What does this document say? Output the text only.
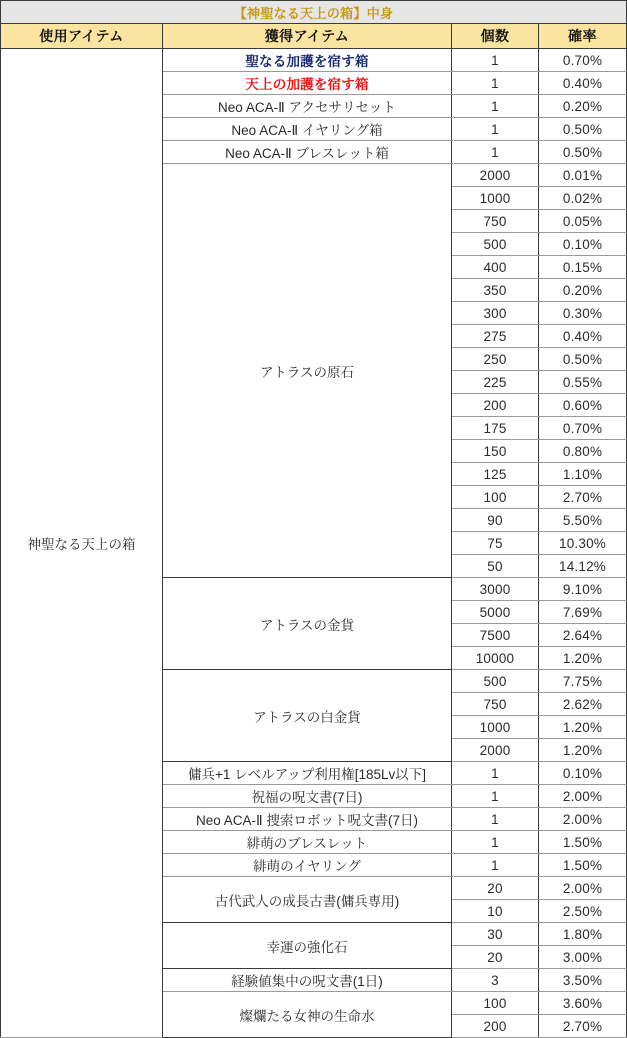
【神聖なる天上の箱】中身			
使用アイテム	獲得アイテム	個数	確率
神聖なる天上の箱	聖なる加護を宿す箱	1	0.70%
	天上の加護を宿す箱	1	0.40%
	Neo ACA-Ⅱ アクセサリセット	1	0.20%
	Neo ACA-Ⅱ イヤリング箱	1	0.50%
	Neo ACA-Ⅱ ブレスレット箱	1	0.50%
	アトラスの原石	2000	0.01%
		1000	0.02%
		750	0.05%
		500	0.10%
		400	0.15%
		350	0.20%
		300	0.30%
		275	0.40%
		250	0.50%
		225	0.55%
		200	0.60%
		175	0.70%
		150	0.80%
		125	1.10%
		100	2.70%
		90	5.50%
		75	10.30%
		50	14.12%
	アトラスの金貨	3000	9.10%
		5000	7.69%
		7500	2.64%
		10000	1.20%
	アトラスの白金貨	500	7.75%
		750	2.62%
		1000	1.20%
		2000	1.20%
	傭兵+1 レベルアップ利用権[185Lv以下]	1	0.10%
	祝福の呪文書(7日)	1	2.00%
	Neo ACA-Ⅱ 捜索ロボット呪文書(7日)	1	2.00%
	緋萌のブレスレット	1	1.50%
	緋萌のイヤリング	1	1.50%
	古代武人の成長古書(傭兵専用)	20	2.00%
		10	2.50%
	幸運の強化石	30	1.80%
		20	3.00%
	経験値集中の呪文書(1日)	3	3.50%
	燦爛たる女神の生命水	100	3.60%
		200	2.70%
